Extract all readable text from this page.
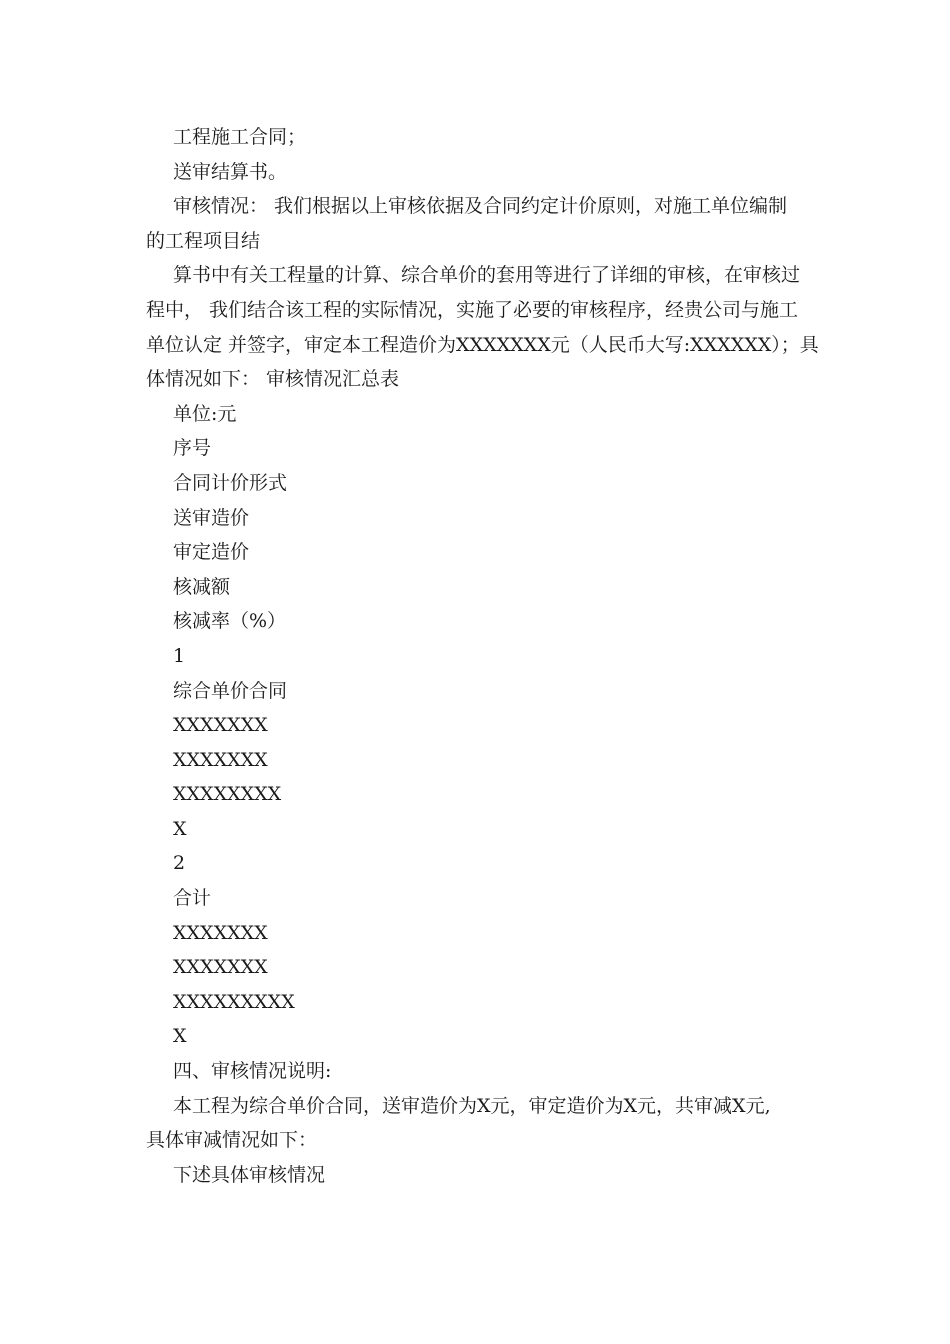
工程施工合同；

送审结算书。

审核情况： 我们根据以上审核依据及合同约定计价原则，对施工单位编制
的工程项目结
算书中有关工程量的计算、综合单价的套用等进行了详细的审核，在审核过
程中， 我们结合该工程的实际情况，实施了必要的审核程序，经贵公司与施工
单位认定 并签字，审定本工程造价为XXXXXXX元（人民币大写:XXXXXX）；具
体情况如下： 审核情况汇总表

单位:元

序号

合同计价形式

送审造价

审定造价

核减额

核减率（%）

1

综合单价合同

XXXXXXX

XXXXXXX

XXXXXXXX

X

2

合计

XXXXXXX

XXXXXXX

XXXXXXXXX

X

四、审核情况说明:

本工程为综合单价合同，送审造价为X元，审定造价为X元，共审减X元,
具体审减情况如下：

下述具体审核情况
